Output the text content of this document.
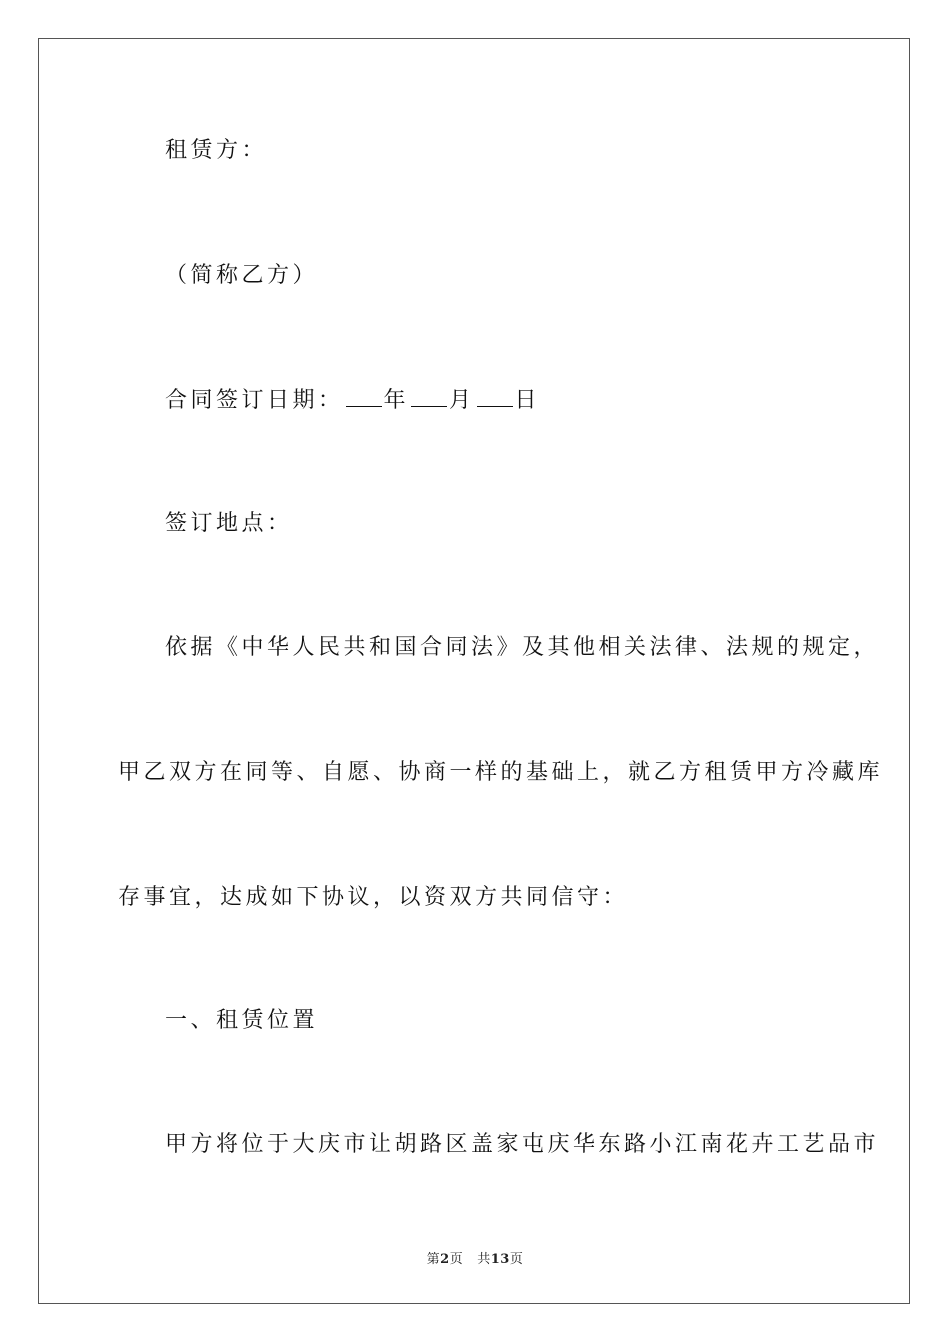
租赁方：
（简称乙方）
合同签订日期： 年 月 日
签订地点：
依据《中华人民共和国合同法》及其他相关法律、法规的规定，
甲乙双方在同等、自愿、协商一样的基础上，就乙方租赁甲方冷藏库
存事宜，达成如下协议，以资双方共同信守：
一、租赁位置
甲方将位于大庆市让胡路区盖家屯庆华东路小江南花卉工艺品市
第2页 共13页
